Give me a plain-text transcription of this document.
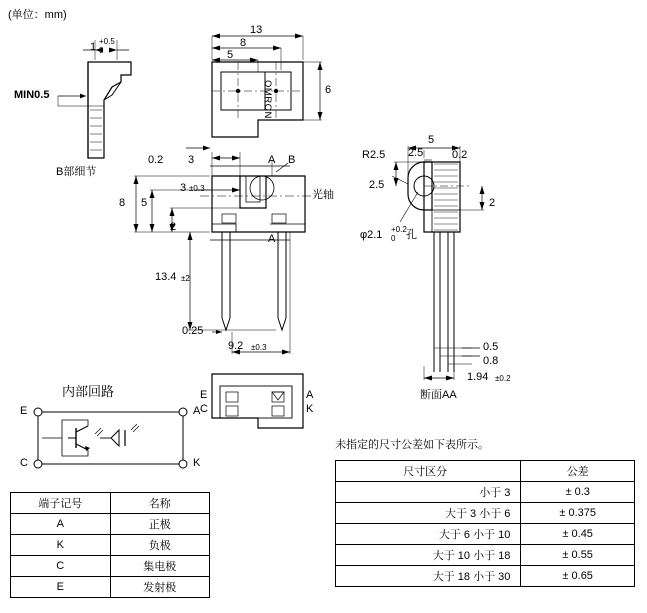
(单位：mm)
MIN0.5
1 +0.5
0
B部细节
13
8
5
6
OMRON
0.2 3
8 5
2
3 ±0.3
A B
光轴
A
13.4 ±2
0.25
9.2 ±0.3
R2.5
5
2.5	0.2
2.5
2
φ2.1 +0.2
0 孔
0.5
0.8
1.94 ±0.2
断面AA
内部回路
E	A
C	K
E
C
A
K
未指定的尺寸公差如下表所示。
端子记号	名称
A	正极
K	负极
C	集电极
E	发射极
尺寸区分	公差
小于 3	± 0.3
大于 3 小于 6	± 0.375
大于 6 小于 10	± 0.45
大于 10 小于 18	± 0.55
大于 18 小于 30	± 0.65
